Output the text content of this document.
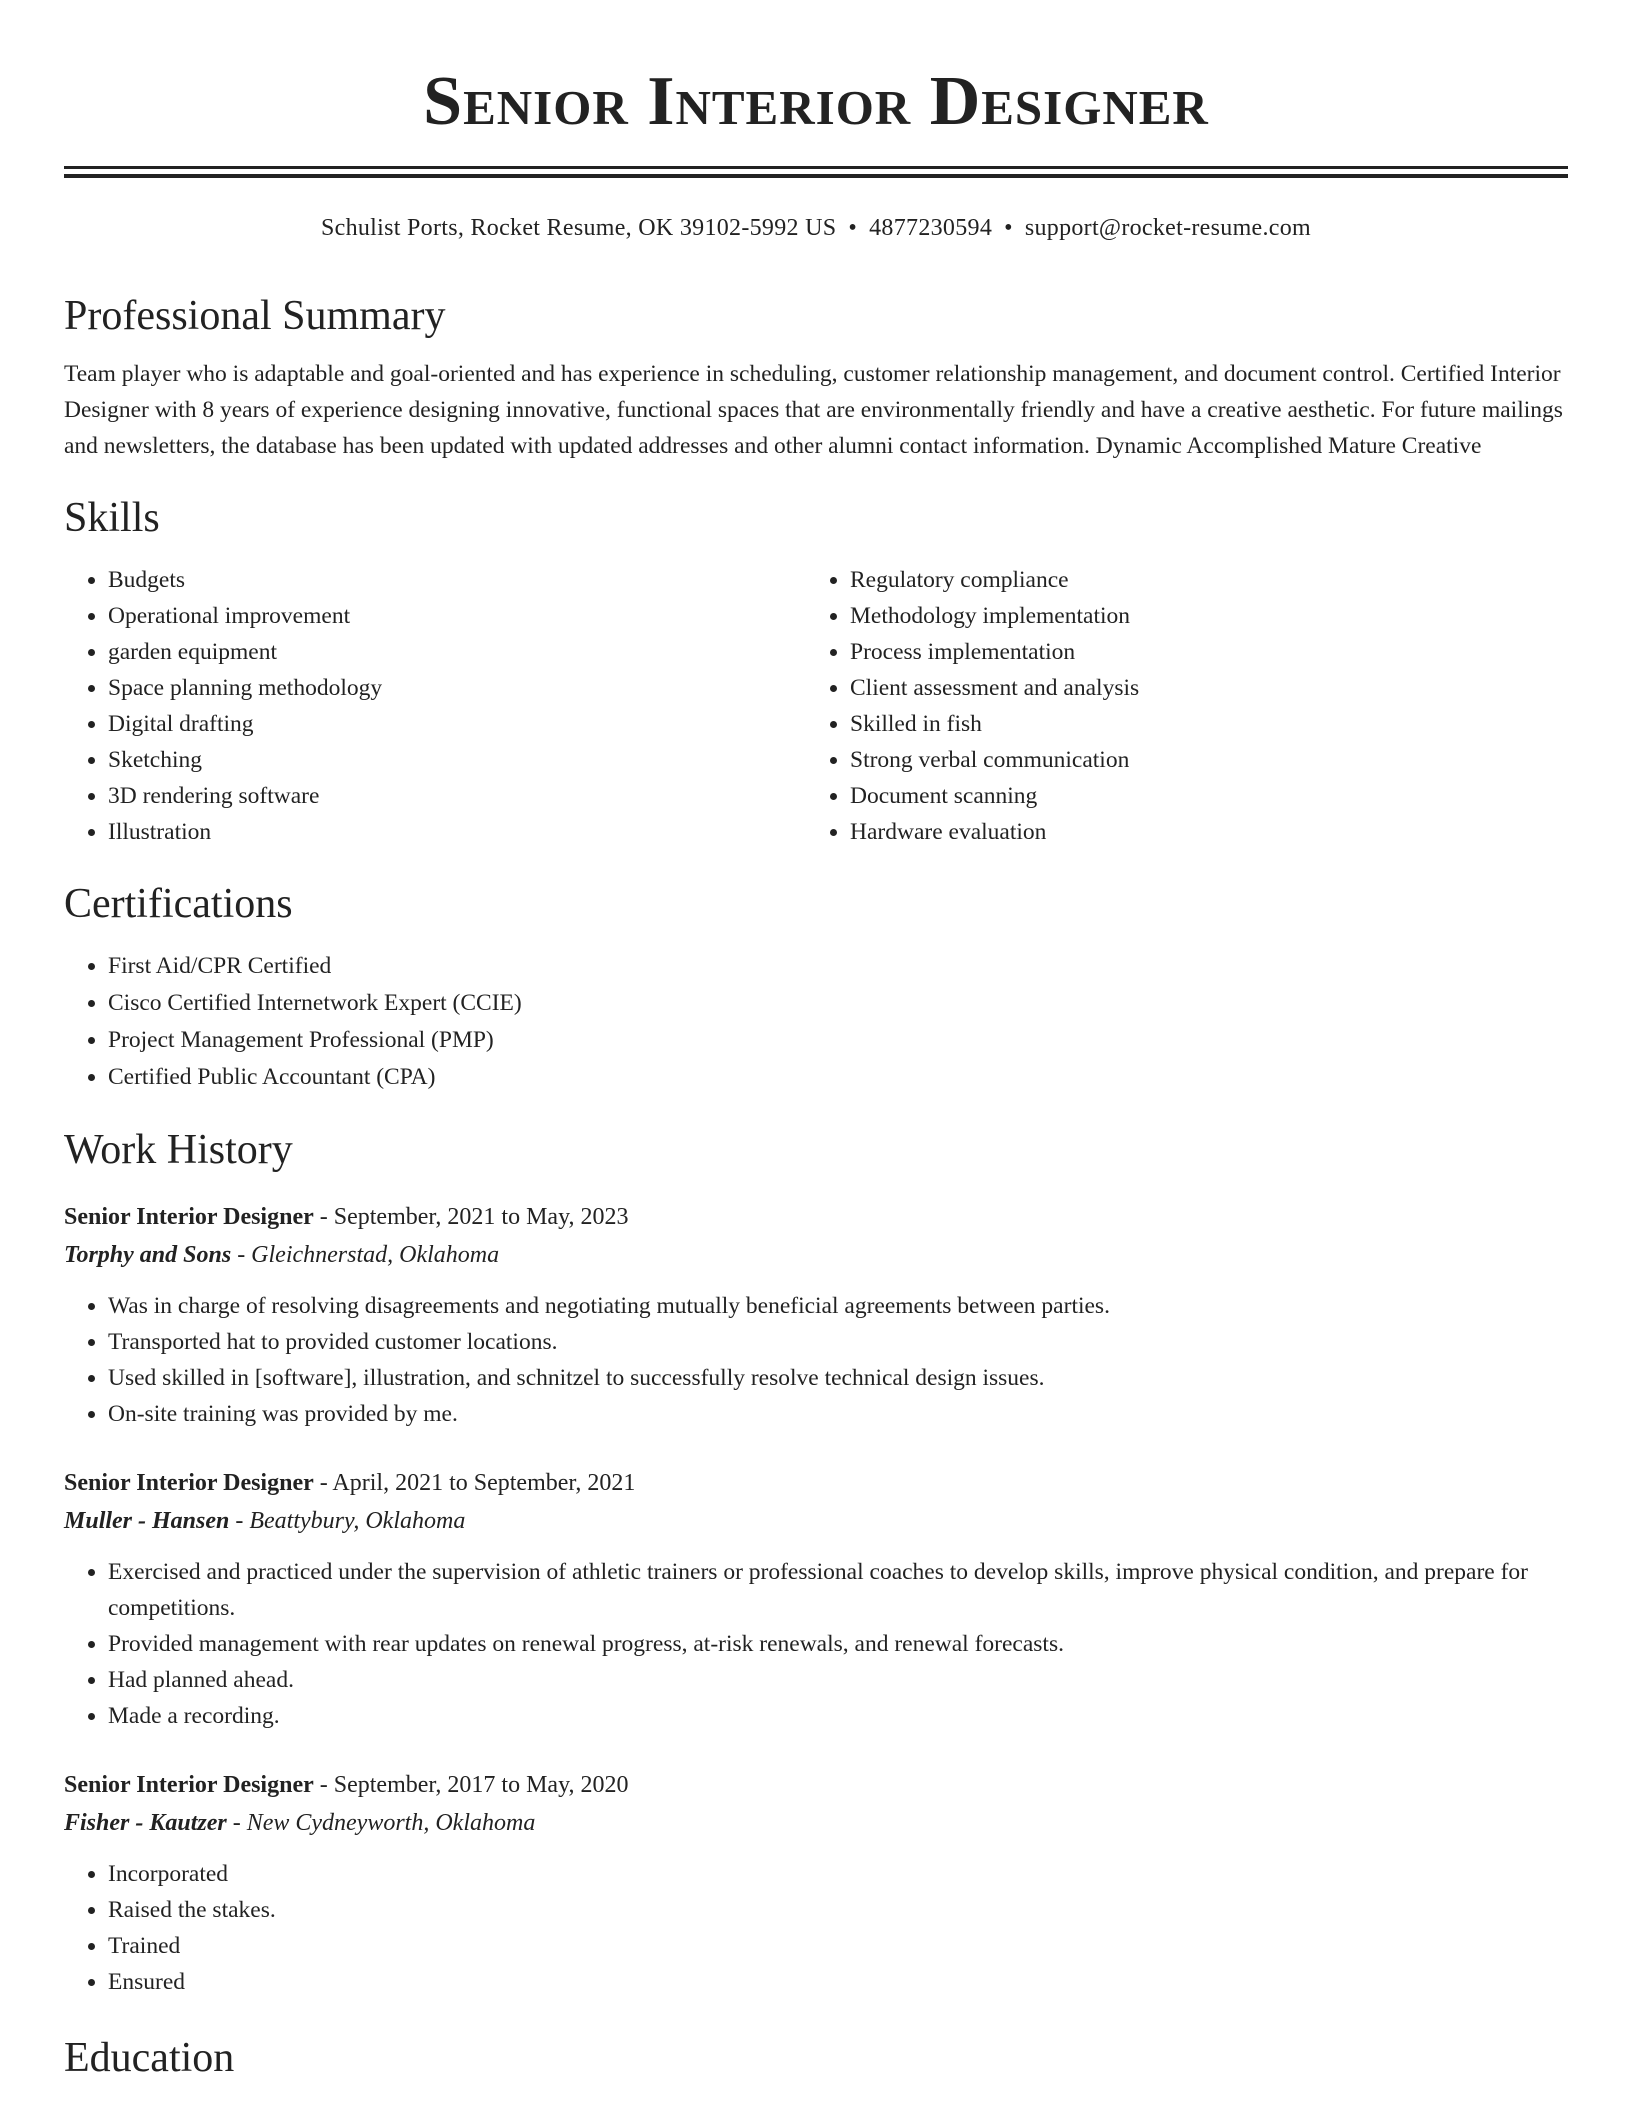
Senior Interior Designer
Schulist Ports, Rocket Resume, OK 39102-5992 US • 4877230594 • support@rocket-resume.com
Professional Summary

Team player who is adaptable and goal-oriented and has experience in scheduling, customer relationship management, and document control. Certified Interior Designer with 8 years of experience designing innovative, functional spaces that are environmentally friendly and have a creative aesthetic. For future mailings and newsletters, the database has been updated with updated addresses and other alumni contact information. Dynamic Accomplished Mature Creative

Skills
• Budgets
• Operational improvement
• garden equipment
• Space planning methodology
• Digital drafting
• Sketching
• 3D rendering software
• Illustration
• Regulatory compliance
• Methodology implementation
• Process implementation
• Client assessment and analysis
• Skilled in fish
• Strong verbal communication
• Document scanning
• Hardware evaluation
Certifications
• First Aid/CPR Certified
• Cisco Certified Internetwork Expert (CCIE)
• Project Management Professional (PMP)
• Certified Public Accountant (CPA)
Work History
Senior Interior Designer - September, 2021 to May, 2023
Torphy and Sons - Gleichnerstad, Oklahoma
• Was in charge of resolving disagreements and negotiating mutually beneficial agreements between parties.
• Transported hat to provided customer locations.
• Used skilled in [software], illustration, and schnitzel to successfully resolve technical design issues.
• On-site training was provided by me.
Senior Interior Designer - April, 2021 to September, 2021
Muller - Hansen - Beattybury, Oklahoma
• Exercised and practiced under the supervision of athletic trainers or professional coaches to develop skills, improve physical condition, and prepare for competitions.
• Provided management with rear updates on renewal progress, at-risk renewals, and renewal forecasts.
• Had planned ahead.
• Made a recording.
Senior Interior Designer - September, 2017 to May, 2020
Fisher - Kautzer - New Cydneyworth, Oklahoma
• Incorporated
• Raised the stakes.
• Trained
• Ensured
Education
